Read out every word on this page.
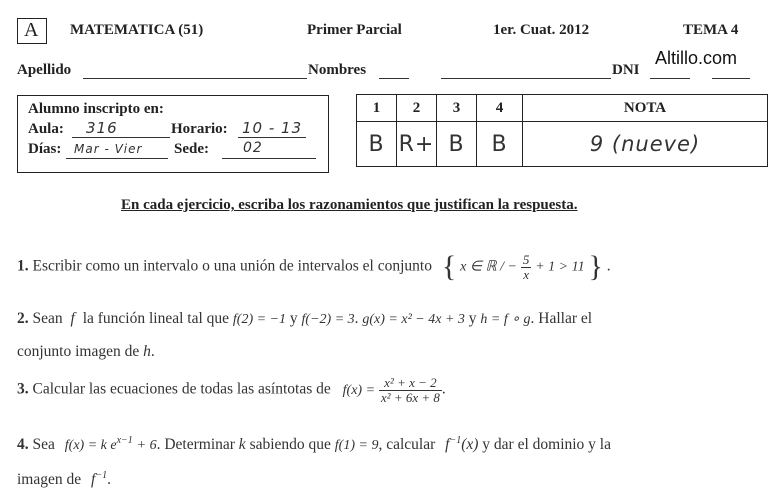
A MATEMATICA (51)	Primer Parcial	1er. Cuat. 2012	TEMA 4
Altillo.com
Apellido	Nombres	DNI
Alumno inscripto en:
Aula: 316	Horario: 10 - 13
Días: Mar - Vier Sede: 02
1	2	3	4	NOTA
B	R+	B	B	9 (nueve)
En cada ejercicio, escriba los razonamientos que justifican la respuesta.
1. Escribir como un intervalo o una unión de intervalos el conjunto { x ∈ ℝ / − $\frac{5}{x} + 1 > 11$ } .
2. Sean f la función lineal tal que f(2) = −1 y f(−2) = 3. g(x) = x² − 4x + 3 y h = f ∘ g. Hallar el
conjunto imagen de h.
3. Calcular las ecuaciones de todas las asíntotas de $f(x) = \frac{\text{x² + x − 2}}{\text{x² + 6x + 8}}$ .
4. Sea f(x) = k $e^{x-1} + 6$. Determinar k sabiendo que f(1) = 9, calcular $f^{-1}(x)$ y dar el dominio y la
imagen de $f^{-1}$.
